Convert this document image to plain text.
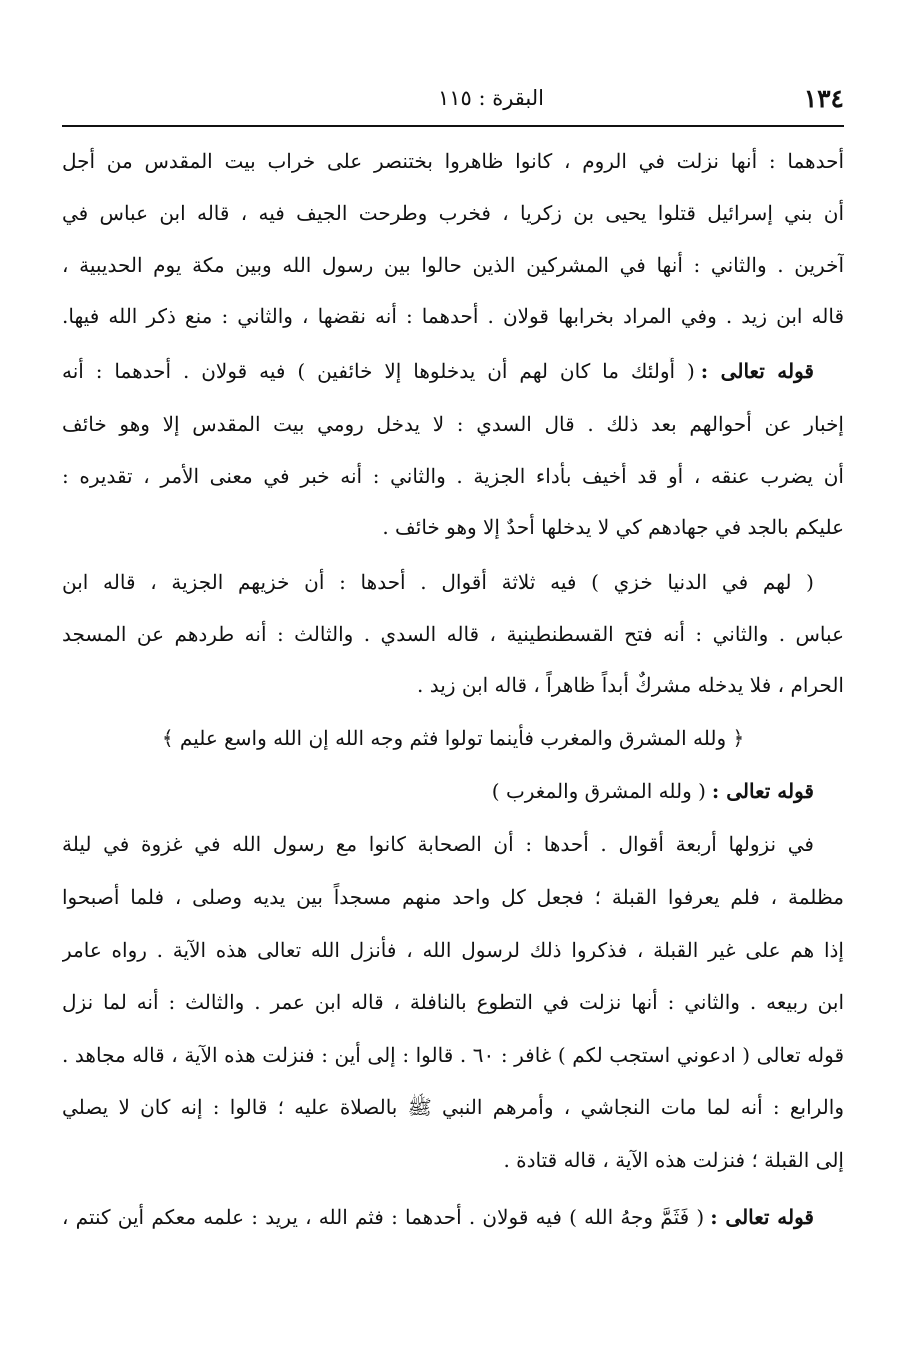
١٣٤
البقرة : ١١٥
أحدهما : أنها نزلت في الروم ، كانوا ظاهروا بختنصر على خراب بيت المقدس من أجل
أن بني إسرائيل قتلوا يحيى بن زكريا ، فخرب وطرحت الجيف فيه ، قاله ابن عباس في
آخرين . والثاني : أنها في المشركين الذين حالوا بين رسول الله وبين مكة يوم الحديبية ،
قاله ابن زيد . وفي المراد بخرابها قولان . أحدهما : أنه نقضها ، والثاني : منع ذكر الله فيها.
قوله تعالى :( أُولئك ما كان لهم أن يدخلوها إلا خائفين ) فيه قولان . أحدهما : أنه
إخبار عن أحوالهم بعد ذلك . قال السدي : لا يدخل رومي بيت المقدس إلا وهو خائف
أن يضرب عنقه ، أو قد أُخيف بأداء الجزية . والثاني : أنه خبر في معنى الأمر ، تقديره :
عليكم بالجد في جهادهم كي لا يدخلها أحدٌ إلا وهو خائف .
( لهم في الدنيا خزي ) فيه ثلاثة أقوال . أحدها : أن خزيهم الجزية ، قاله ابن
عباس . والثاني : أنه فتح القسطنطينية ، قاله السدي . والثالث : أنه طردهم عن المسجد
الحرام ، فلا يدخله مشركٌ أبداً ظاهراً ، قاله ابن زيد .
﴿ ولله المشرق والمغرب فأينما تولوا فثم وجه الله إن الله واسع عليم ﴾
قوله تعالى :( ولله المشرق والمغرب )
في نزولها أربعة أقوال . أحدها : أن الصحابة كانوا مع رسول الله في غزوة في ليلة
مظلمة ، فلم يعرفوا القبلة ؛ فجعل كل واحد منهم مسجداً بين يديه وصلى ، فلما أصبحوا
إذا هم على غير القبلة ، فذكروا ذلك لرسول الله ، فأنزل الله تعالى هذه الآية . رواه عامر
ابن ربيعه . والثاني : أنها نزلت في التطوع بالنافلة ، قاله ابن عمر . والثالث : أنه لما نزل
قوله تعالى ( ادعوني استجب لكم ) غافر : ٦٠ . قالوا : إلى أين : فنزلت هذه الآية ، قاله مجاهد .
والرابع : أنه لما مات النجاشي ، وأمرهم النبي ﷺ بالصلاة عليه ؛ قالوا : إنه كان لا يصلي
إلى القبلة ؛ فنزلت هذه الآية ، قاله قتادة .
قوله تعالى :( فَثَمَّ وجهُ الله ) فيه قولان . أحدهما : فثم الله ، يريد : علمه معكم أين كنتم ،
